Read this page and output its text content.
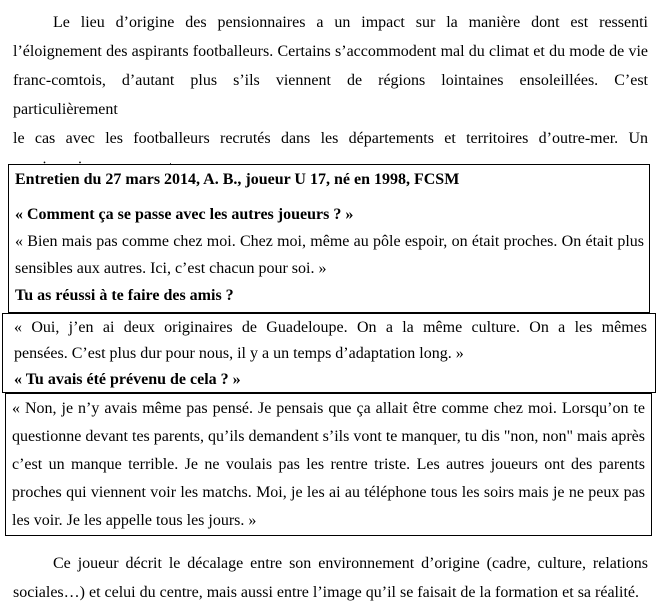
Le lieu d’origine des pensionnaires a un impact sur la manière dont est ressenti
l’éloignement des aspirants footballeurs. Certains s’accommodent mal du climat et du mode de vie
franc-comtois, d’autant plus s’ils viennent de régions lointaines ensoleillées. C’est particulièrement
le cas avec les footballeurs recrutés dans les départements et territoires d’outre-mer. Un
Entretien du 27 mars 2014, A. B., joueur U 17, né en 1998, FCSM
« Comment ça se passe avec les autres joueurs ? »
« Bien mais pas comme chez moi. Chez moi, même au pôle espoir, on était proches. On était plus
sensibles aux autres. Ici, c’est chacun pour soi. »
Tu as réussi à te faire des amis ?
« Oui, j’en ai deux originaires de Guadeloupe. On a la même culture. On a les mêmes
pensées. C’est plus dur pour nous, il y a un temps d’adaptation long. »
« Tu avais été prévenu de cela ? »
« Non, je n’y avais même pas pensé. Je pensais que ça allait être comme chez moi. Lorsqu’on te
questionne devant tes parents, qu’ils demandent s’ils vont te manquer, tu dis "non, non" mais après
c’est un manque terrible. Je ne voulais pas les rentre triste. Les autres joueurs ont des parents
proches qui viennent voir les matchs. Moi, je les ai au téléphone tous les soirs mais je ne peux pas
les voir. Je les appelle tous les jours. »
Ce joueur décrit le décalage entre son environnement d’origine (cadre, culture, relations
sociales…) et celui du centre, mais aussi entre l’image qu’il se faisait de la formation et sa réalité.
